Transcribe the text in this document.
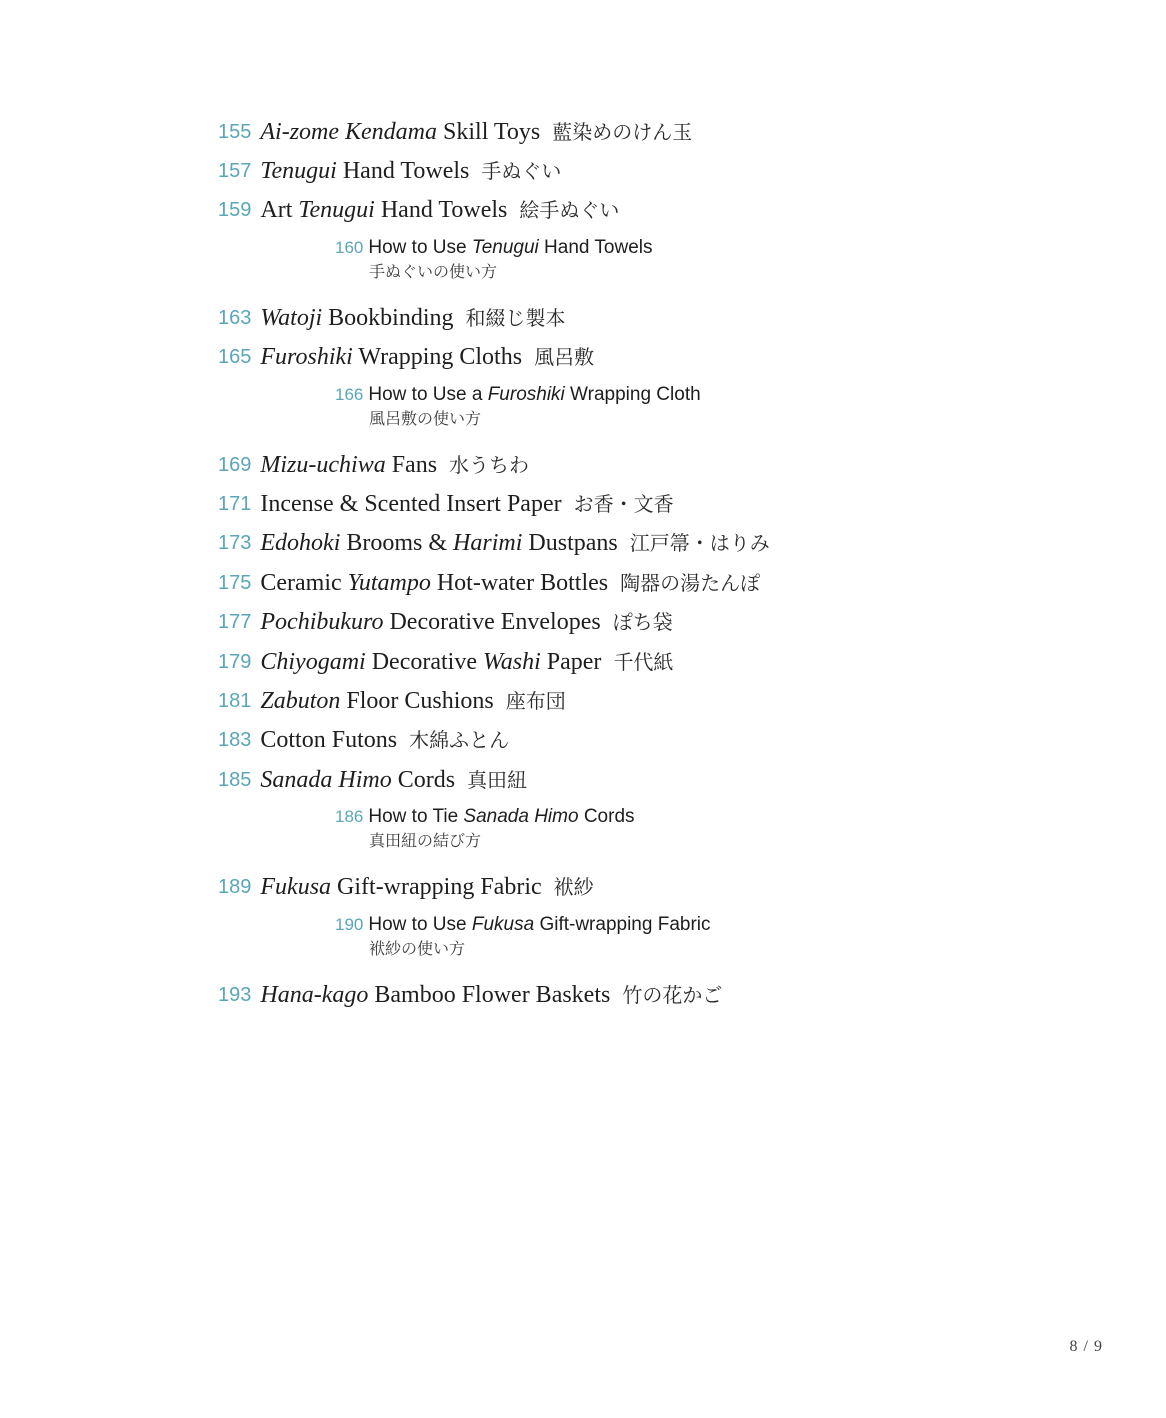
155 Ai-zome Kendama Skill Toys 藍染めのけん玉
157 Tenugui Hand Towels 手ぬぐい
159 Art Tenugui Hand Towels 絵手ぬぐい
160 How to Use Tenugui Hand Towels
手ぬぐいの使い方
163 Watoji Bookbinding 和綴じ製本
165 Furoshiki Wrapping Cloths 風呂敷
166 How to Use a Furoshiki Wrapping Cloth
風呂敷の使い方
169 Mizu-uchiwa Fans 水うちわ
171 Incense & Scented Insert Paper お香・文香
173 Edohoki Brooms & Harimi Dustpans 江戸箒・はりみ
175 Ceramic Yutampo Hot-water Bottles 陶器の湯たんぽ
177 Pochibukuro Decorative Envelopes ぽち袋
179 Chiyogami Decorative Washi Paper 千代紙
181 Zabuton Floor Cushions 座布団
183 Cotton Futons 木綿ふとん
185 Sanada Himo Cords 真田紐
186 How to Tie Sanada Himo Cords
真田紐の結び方
189 Fukusa Gift-wrapping Fabric 袱紗
190 How to Use Fukusa Gift-wrapping Fabric
袱紗の使い方
193 Hana-kago Bamboo Flower Baskets 竹の花かご
8 / 9
